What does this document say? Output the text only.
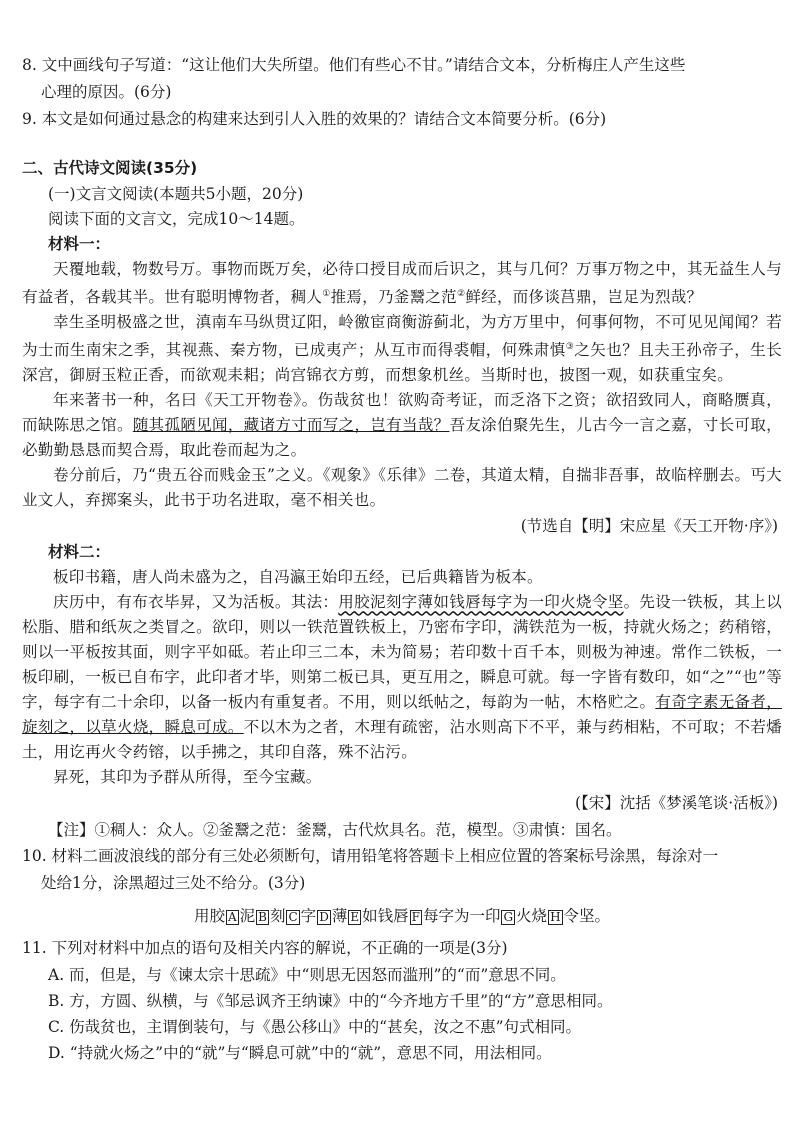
8. 文中画线句子写道：“这让他们大失所望。他们有些心不甘。”请结合文本，分析梅庄人产生这些
心理的原因。(6分)
9. 本文是如何通过悬念的构建来达到引人入胜的效果的？请结合文本简要分析。(6分)
二、古代诗文阅读(35分)
(一)文言文阅读(本题共5小题，20分)
阅读下面的文言文，完成10～14题。
材料一：
天覆地载，物数号万。事物而既万矣，必待口授目成而后识之，其与几何？万事万物之中，其无益生人与有益者，各载其半。世有聪明博物者，稠人①推焉，乃釜鬵之范②鲜经，而侈谈莒鼎，岂足为烈哉？
幸生圣明极盛之世，滇南车马纵贯辽阳，岭徼宦商衡游蓟北，为方万里中，何事何物，不可见见闻闻？若为士而生南宋之季，其视燕、秦方物，已成夷产；从互市而得裘帽，何殊肃慎③之矢也？且夫王孙帝子，生长深宫，御厨玉粒正香，而欲观耒耜；尚宫锦衣方剪，而想象机丝。当斯时也，披图一观，如获重宝矣。
年来著书一种，名曰《天工开物卷》。伤哉贫也！欲购奇考证，而乏洛下之资；欲招致同人，商略赝真，而缺陈思之馆。随其孤陋见闻，藏诸方寸而写之，岂有当哉？吾友涂伯聚先生，儿古今一言之嘉，寸长可取，必勤勤恳恳而契合焉，取此卷而起为之。
卷分前后，乃“贵五谷而贱金玉”之义。《观象》《乐律》二卷，其道太精，自揣非吾事，故临梓删去。丐大业文人，弃掷案头，此书于功名进取，毫不相关也。
(节选自【明】宋应星《天工开物·序》)
材料二：
板印书籍，唐人尚未盛为之，自冯瀛王始印五经，已后典籍皆为板本。
庆历中，有布衣毕昇，又为活板。其法：用胶泥刻字薄如钱唇每字为一印火烧令坚。先设一铁板，其上以松脂、腊和纸灰之类冒之。欲印，则以一铁范置铁板上，乃密布字印，满铁范为一板，持就火炀之；药稍镕，则以一平板按其面，则字平如砥。若止印三二本，未为简易；若印数十百千本，则极为神速。常作二铁板，一板印刷，一板已自布字，此印者才毕，则第二板已具，更互用之，瞬息可就。每一字皆有数印，如“之”“也”等字，每字有二十余印，以备一板内有重复者。不用，则以纸帖之，每韵为一帖，木格贮之。有奇字素无备者，旋刻之，以草火烧，瞬息可成。不以木为之者，木理有疏密，沾水则高下不平，兼与药相粘，不可取；不若燔土，用讫再火令药镕，以手拂之，其印自落，殊不沾污。
昇死，其印为予群从所得，至今宝藏。
(【宋】沈括《梦溪笔谈·活板》)
【注】①稠人：众人。②釜鬵之范：釜鬵，古代炊具名。范，模型。③肃慎：国名。
10. 材料二画波浪线的部分有三处必须断句，请用铅笔将答题卡上相应位置的答案标号涂黑，每涂对一
处给1分，涂黑超过三处不给分。(3分)
用胶 A 泥 B 刻 C 字 D 薄 E 如钱唇 F 每字为一印 G 火烧 H 令坚。
11. 下列对材料中加点的语句及相关内容的解说，不正确的一项是(3分)
A. 而，但是，与《谏太宗十思疏》中“则思无因怒而滥刑”的“而”意思不同。
B. 方，方圆、纵横，与《邹忌讽齐王纳谏》中的“今齐地方千里”的“方”意思相同。
C. 伤哉贫也，主谓倒装句，与《愚公移山》中的“甚矣，汝之不惠”句式相同。
D. “持就火炀之”中的“就”与“瞬息可就”中的“就”，意思不同，用法相同。
